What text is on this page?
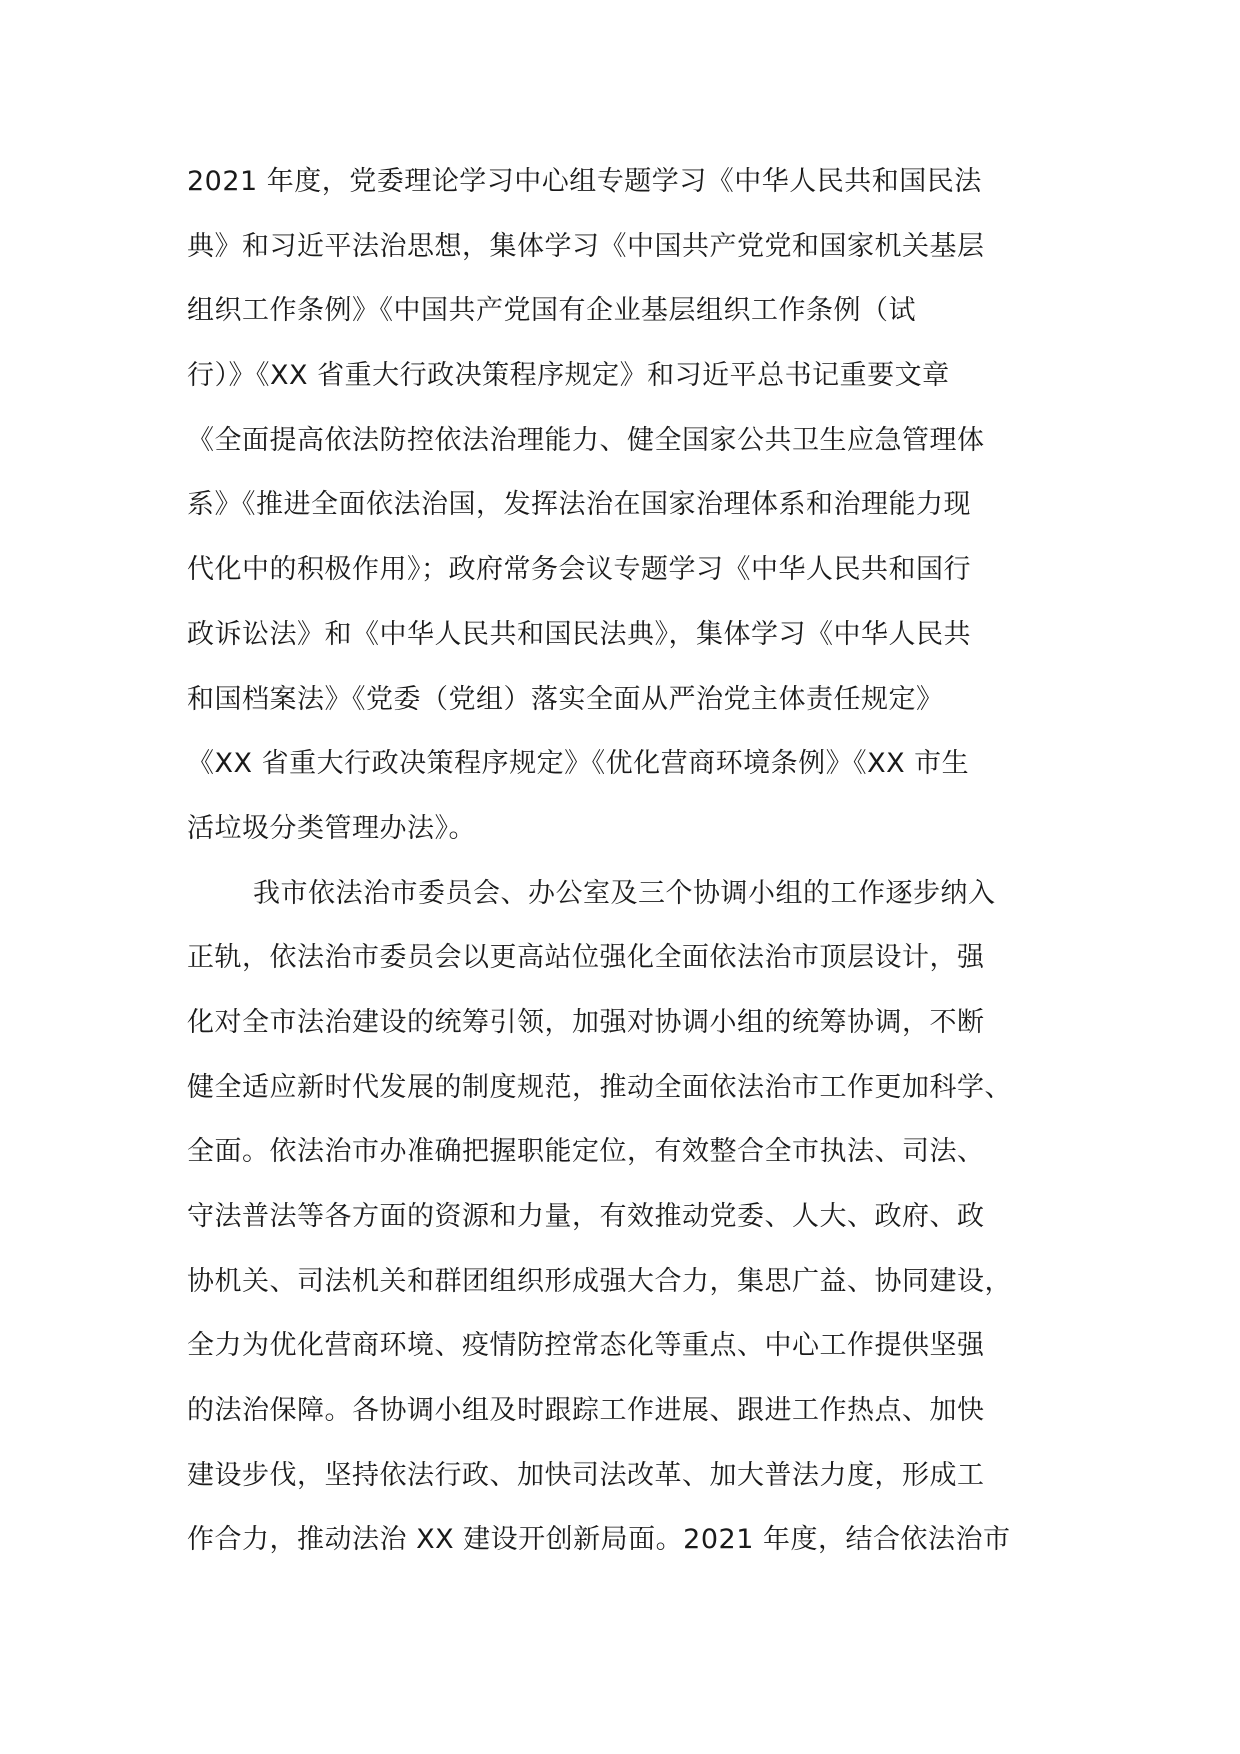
2021 年度，党委理论学习中心组专题学习《中华人民共和国民法
典》和习近平法治思想，集体学习《中国共产党党和国家机关基层
组织工作条例》《中国共产党国有企业基层组织工作条例（试
行）》《XX 省重大行政决策程序规定》和习近平总书记重要文章
《全面提高依法防控依法治理能力、健全国家公共卫生应急管理体
系》《推进全面依法治国，发挥法治在国家治理体系和治理能力现
代化中的积极作用》；政府常务会议专题学习《中华人民共和国行
政诉讼法》和《中华人民共和国民法典》，集体学习《中华人民共
和国档案法》《党委（党组）落实全面从严治党主体责任规定》
《XX 省重大行政决策程序规定》《优化营商环境条例》《XX 市生
活垃圾分类管理办法》。
我市依法治市委员会、办公室及三个协调小组的工作逐步纳入
正轨，依法治市委员会以更高站位强化全面依法治市顶层设计，强
化对全市法治建设的统筹引领，加强对协调小组的统筹协调，不断
健全适应新时代发展的制度规范，推动全面依法治市工作更加科学、
全面。依法治市办准确把握职能定位，有效整合全市执法、司法、
守法普法等各方面的资源和力量，有效推动党委、人大、政府、政
协机关、司法机关和群团组织形成强大合力，集思广益、协同建设，
全力为优化营商环境、疫情防控常态化等重点、中心工作提供坚强
的法治保障。各协调小组及时跟踪工作进展、跟进工作热点、加快
建设步伐，坚持依法行政、加快司法改革、加大普法力度，形成工
作合力，推动法治 XX 建设开创新局面。2021 年度，结合依法治市
